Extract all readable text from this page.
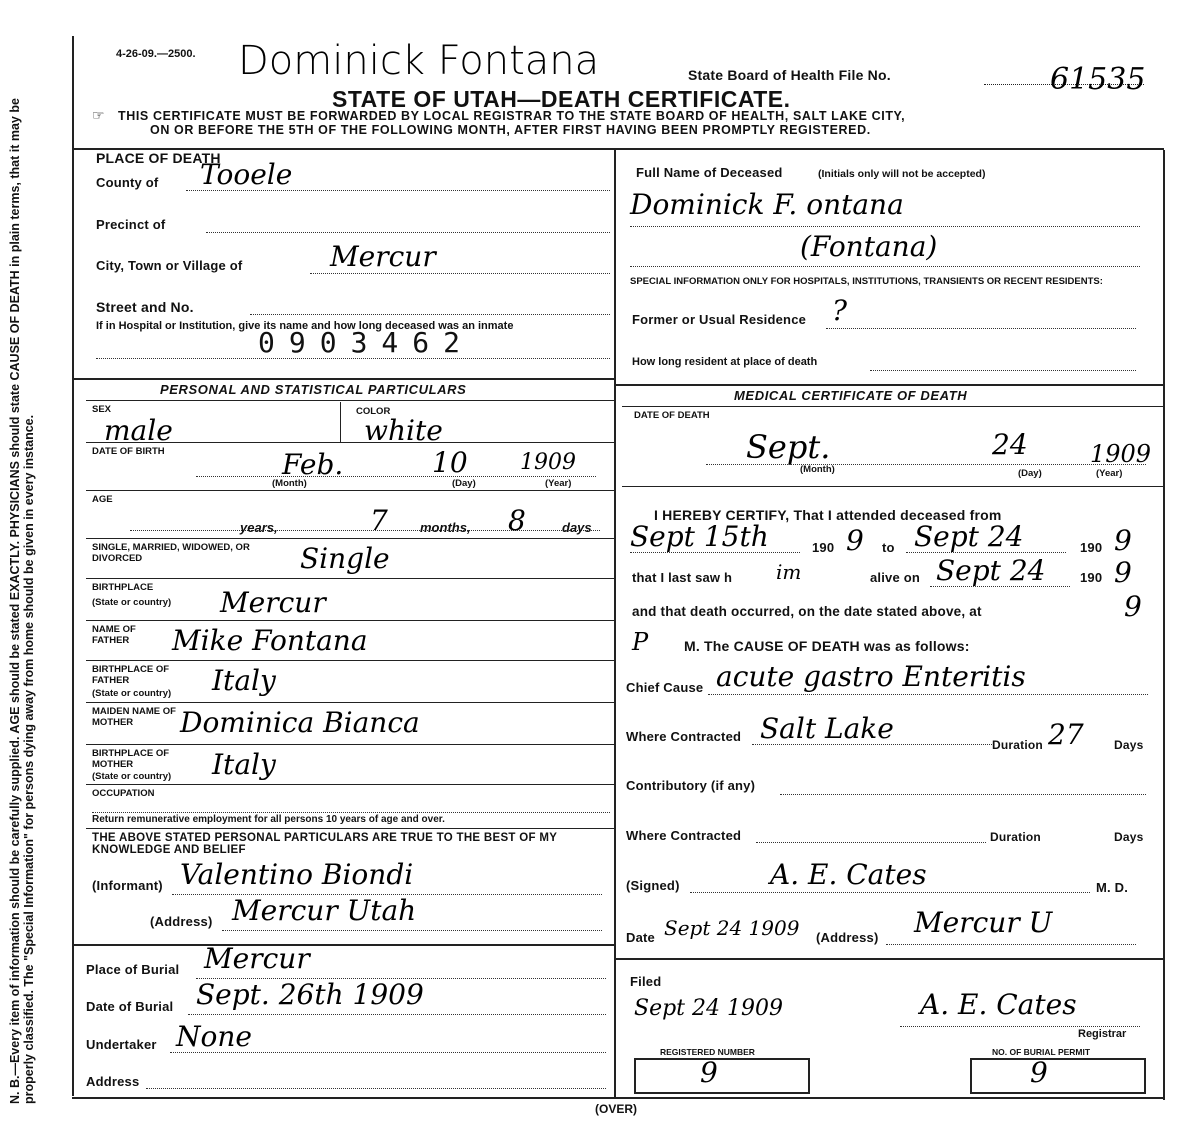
N. B.—Every item of information should be carefully supplied. AGE should be stated EXACTLY. PHYSICIANS should state CAUSE OF DEATH in plain terms, that it may be properly classified. The "Special Information" for persons dying away from home should be given in every instance.
4-26-09.—2500. Dominick Fontana	State Board of Health File No.	61535
STATE OF UTAH—DEATH CERTIFICATE.
☞ THIS CERTIFICATE MUST BE FORWARDED BY LOCAL REGISTRAR TO THE STATE BOARD OF HEALTH, SALT LAKE CITY,
ON OR BEFORE THE 5TH OF THE FOLLOWING MONTH, AFTER FIRST HAVING BEEN PROMPTLY REGISTERED.
PLACE OF DEATH
County of Tooele
Precinct of
City, Town or Village of	Mercur
Street and No.
If in Hospital or Institution, give its name and how long deceased was an inmate
0903462
PERSONAL AND STATISTICAL PARTICULARS
SEX	COLOR
male	white
DATE OF BIRTH	Feb.	10 1909
(Month)	(Day)	(Year)
AGE
years,	7 months, 8	days
SINGLE, MARRIED, WIDOWED, OR DIVORCED	Single
BIRTHPLACE
(State or country) Mercur
NAME OF FATHER	Mike Fontana
BIRTHPLACE OF FATHER
(State or country) Italy
MAIDEN NAME OF MOTHER	Dominica Bianca
BIRTHPLACE OF MOTHER
(State or country) Italy
OCCUPATION
Return remunerative employment for all persons 10 years of age and over.
THE ABOVE STATED PERSONAL PARTICULARS ARE TRUE TO THE BEST OF MY KNOWLEDGE AND BELIEF
(Informant) Valentino Biondi
(Address) Mercur Utah
Place of Burial Mercur
Date of Burial Sept. 26th 1909
Undertaker None
Address
Full Name of Deceased	(Initials only will not be accepted)
Dominick F. ontana
(Fontana)
SPECIAL INFORMATION ONLY FOR HOSPITALS, INSTITUTIONS, TRANSIENTS OR RECENT RESIDENTS:
Former or Usual Residence ?
How long resident at place of death
MEDICAL CERTIFICATE OF DEATH
DATE OF DEATH
Sept.	24	1909
(Month)	(Day)	(Year)
I HEREBY CERTIFY, That I attended deceased from
Sept 15th	190 9 to Sept 24	190 9
that I last saw h im	alive on Sept 24	190 9
and that death occurred, on the date stated above, at	9
P	M. The CAUSE OF DEATH was as follows:
Chief Cause acute gastro Enteritis
Where Contracted Salt Lake	Duration 27	Days
Contributory (if any)
Where Contracted	Duration	Days
(Signed)	A. E. Cates	M. D.
Date Sept 24 1909 (Address) Mercur U
Filed
Sept 24 1909	A. E. Cates
Registrar
REGISTERED NUMBER
9
NO. OF BURIAL PERMIT
9
(OVER)
